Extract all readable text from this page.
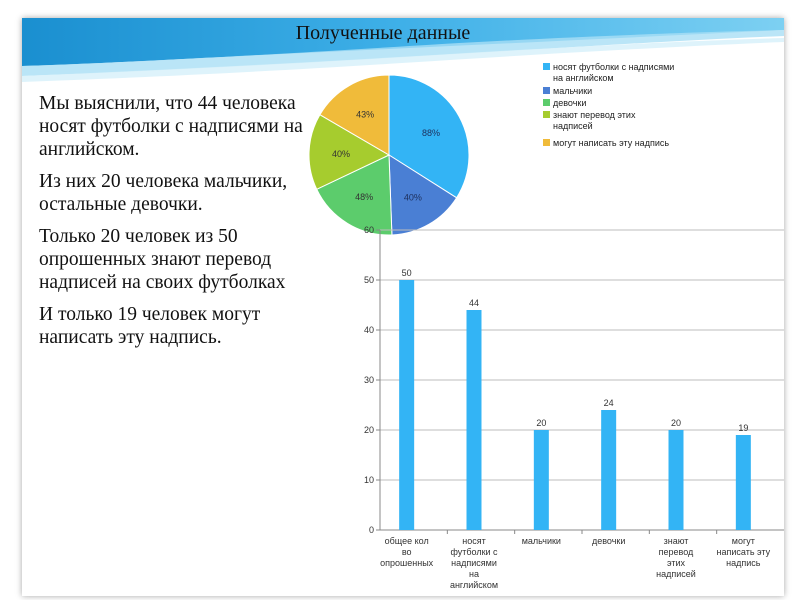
Полученные данные

Мы выяснили, что 44 человека носят футболки с надписями на английском.

Из них 20 человека мальчики, остальные девочки.

Только 20 человек из 50 опрошенных знают перевод надписей на своих футболках

И только 19 человек могут написать эту надпись.

88%
40%
48%
40%
43%
носят футболки с надписями на английском
мальчики
девочки
знают перевод этих надписей
могут написать эту надпись
0
10
20
30
40
50
60
50
общее кол во опрошенных
44
носят футболки с надписями на английском
20
мальчики
24
девочки
20
знают перевод этих надписей
19
могут написать эту надпись
